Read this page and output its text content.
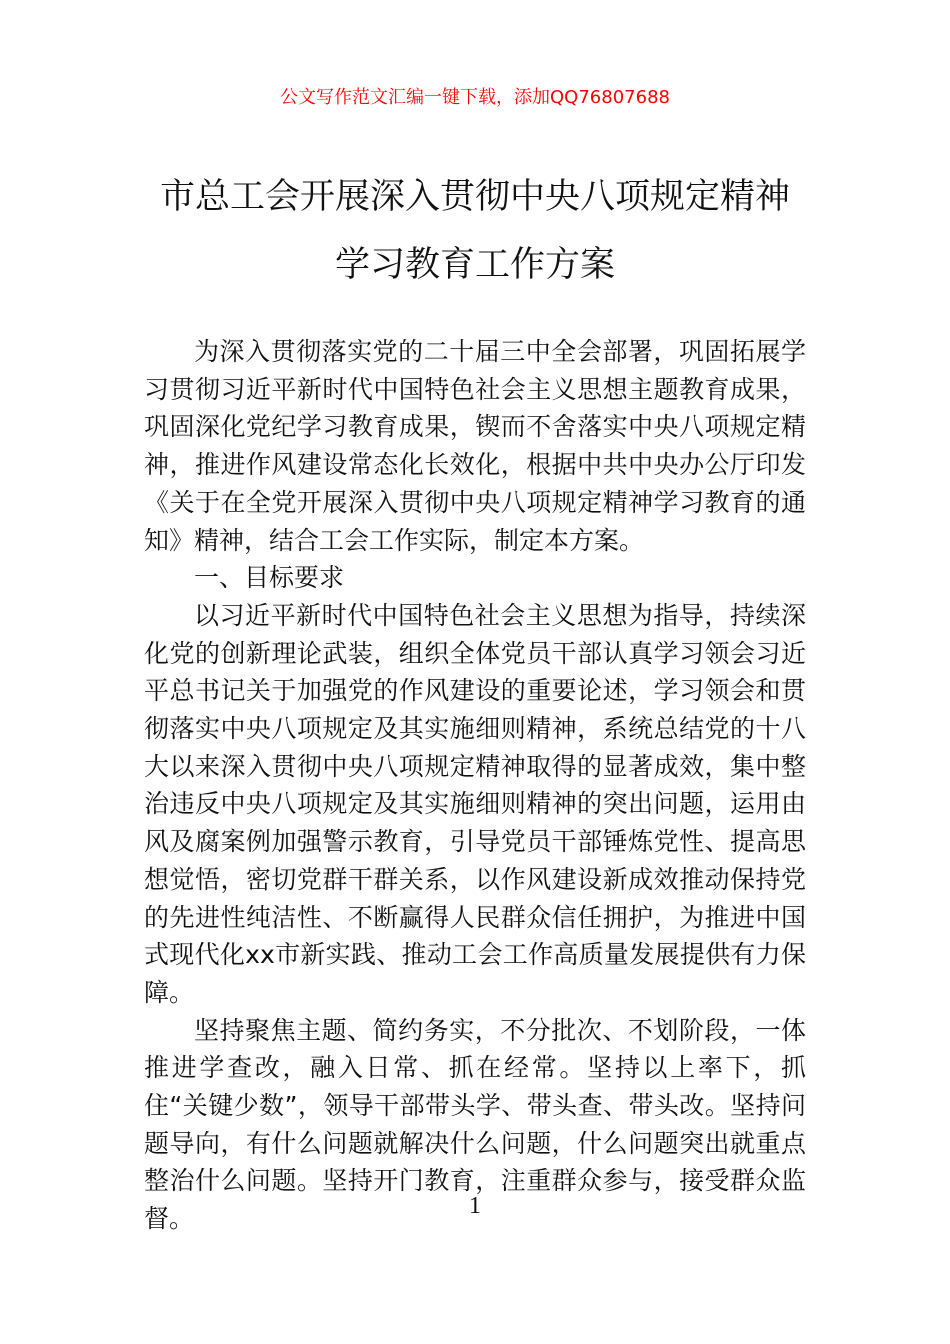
公文写作范文汇编一键下载，添加QQ76807688
市总工会开展深入贯彻中央八项规定精神
学习教育工作方案

为深入贯彻落实党的二十届三中全会部署，巩固拓展学习贯彻习近平新时代中国特色社会主义思想主题教育成果，巩固深化党纪学习教育成果，锲而不舍落实中央八项规定精神，推进作风建设常态化长效化，根据中共中央办公厅印发《关于在全党开展深入贯彻中央八项规定精神学习教育的通知》精神，结合工会工作实际，制定本方案。

一、目标要求

以习近平新时代中国特色社会主义思想为指导，持续深化党的创新理论武装，组织全体党员干部认真学习领会习近平总书记关于加强党的作风建设的重要论述，学习领会和贯彻落实中央八项规定及其实施细则精神，系统总结党的十八大以来深入贯彻中央八项规定精神取得的显著成效，集中整治违反中央八项规定及其实施细则精神的突出问题，运用由风及腐案例加强警示教育，引导党员干部锤炼党性、提高思想觉悟，密切党群干群关系，以作风建设新成效推动保持党的先进性纯洁性、不断赢得人民群众信任拥护，为推进中国式现代化xx市新实践、推动工会工作高质量发展提供有力保障。

坚持聚焦主题、简约务实，不分批次、不划阶段，一体推进学查改，融入日常、抓在经常。坚持以上率下，抓住“关键少数”，领导干部带头学、带头查、带头改。坚持问题导向，有什么问题就解决什么问题，什么问题突出就重点整治什么问题。坚持开门教育，注重群众参与，接受群众监督。	1
